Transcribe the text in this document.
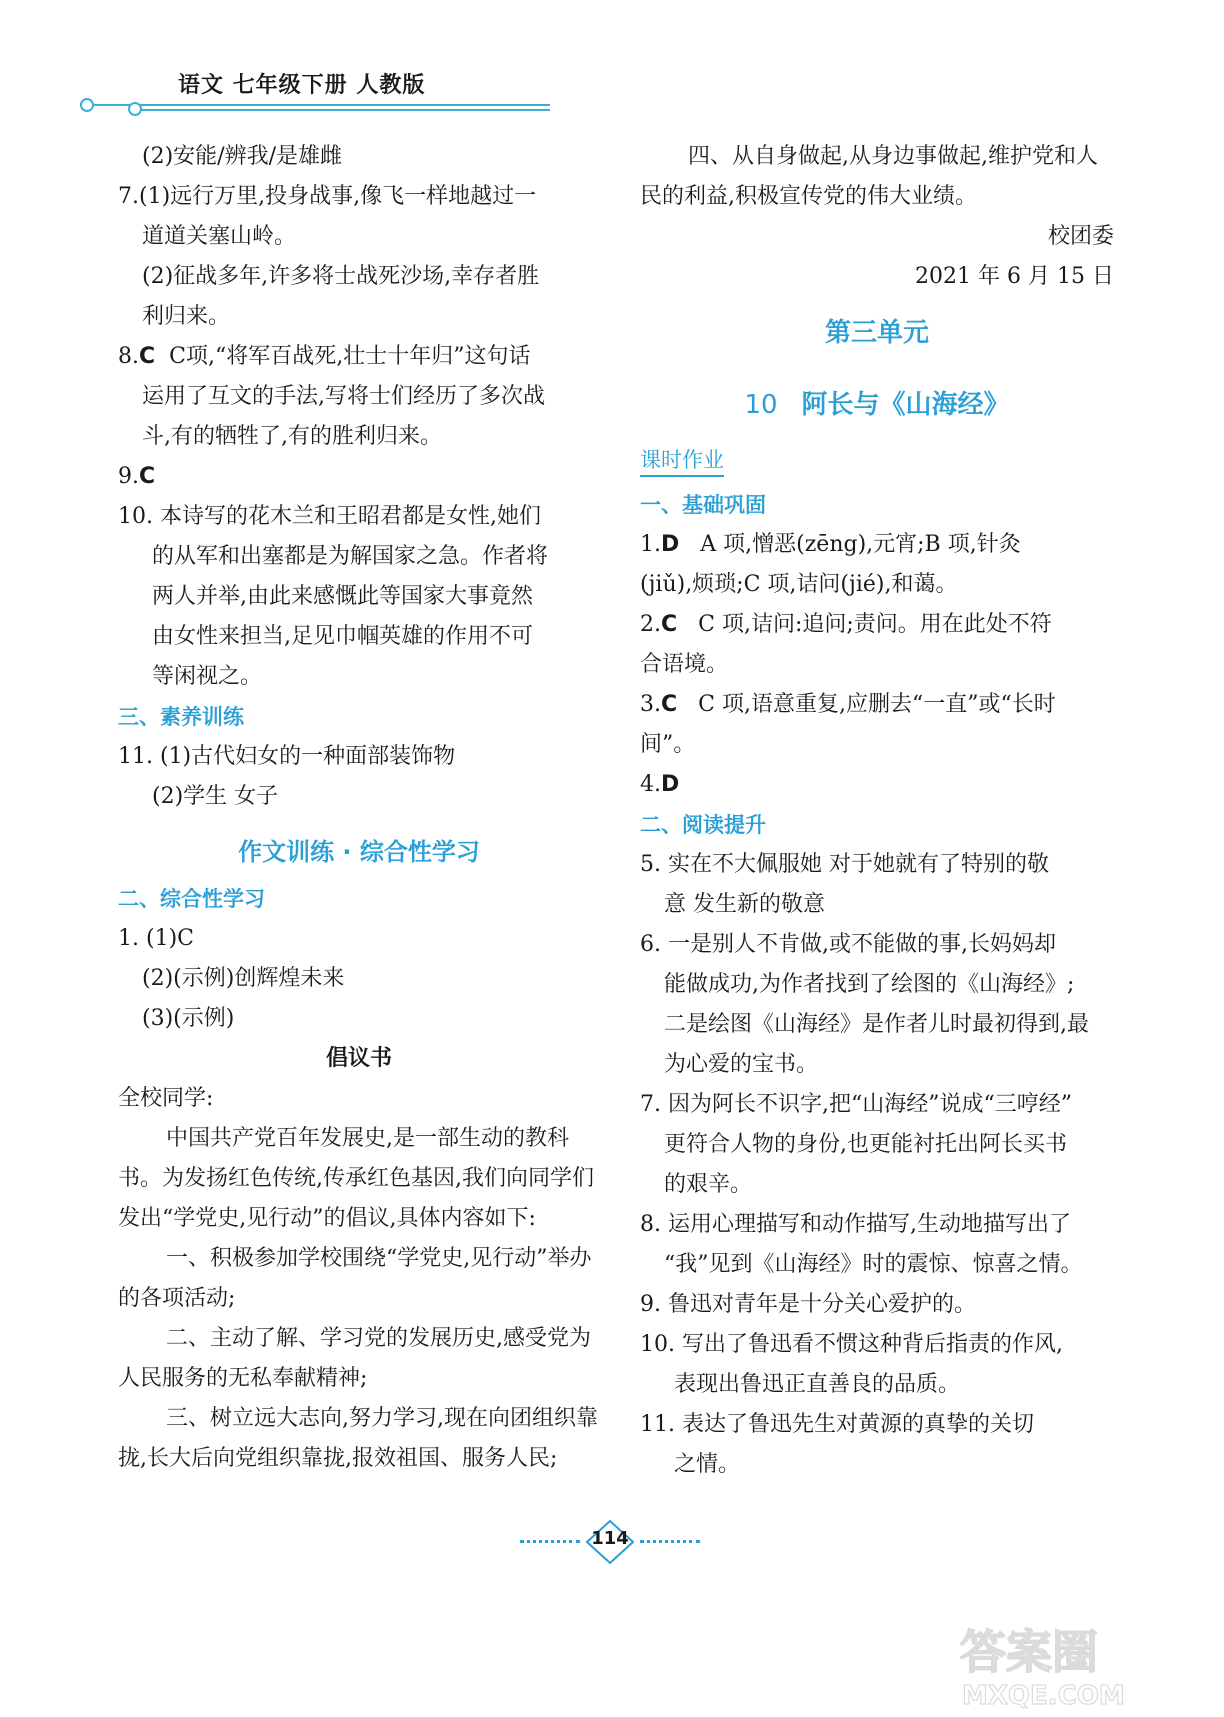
语文 七年级下册 人教版
(2)安能/辨我/是雄雌
7.(1)远行万里,投身战事,像飞一样地越过一
道道关塞山岭。
(2)征战多年,许多将士战死沙场,幸存者胜
利归来。
8.C C项,“将军百战死,壮士十年归”这句话
运用了互文的手法,写将士们经历了多次战
斗,有的牺牲了,有的胜利归来。
9.C
10. 本诗写的花木兰和王昭君都是女性,她们
的从军和出塞都是为解国家之急。作者将
两人并举,由此来感慨此等国家大事竟然
由女性来担当,足见巾帼英雄的作用不可
等闲视之。
三、素养训练
11. (1)古代妇女的一种面部装饰物
(2)学生 女子
作文训练 · 综合性学习
二、综合性学习
1. (1)C
(2)(示例)创辉煌未来
(3)(示例)
倡议书
全校同学:
中国共产党百年发展史,是一部生动的教科书。为发扬红色传统,传承红色基因,我们向同学们发出“学党史,见行动”的倡议,具体内容如下:
一、积极参加学校围绕“学党史,见行动”举办的各项活动;
二、主动了解、学习党的发展历史,感受党为人民服务的无私奉献精神;
三、树立远大志向,努力学习,现在向团组织靠拢,长大后向党组织靠拢,报效祖国、服务人民;
四、从自身做起,从身边事做起,维护党和人民的利益,积极宣传党的伟大业绩。
校团委
2021 年 6 月 15 日
第三单元
10 阿长与《山海经》
课时作业
一、基础巩固
1.D A 项,憎恶(zēng),元宵;B 项,针灸
(jiǔ),烦琐;C 项,诘问(jié),和蔼。
2.C C 项,诘问:追问;责问。用在此处不符
合语境。
3.C C 项,语意重复,应删去“一直”或“长时
间”。
4.D
二、阅读提升
5. 实在不大佩服她 对于她就有了特别的敬
意 发生新的敬意
6. 一是别人不肯做,或不能做的事,长妈妈却
能做成功,为作者找到了绘图的《山海经》;
二是绘图《山海经》是作者儿时最初得到,最
为心爱的宝书。
7. 因为阿长不识字,把“山海经”说成“三哼经”
更符合人物的身份,也更能衬托出阿长买书
的艰辛。
8. 运用心理描写和动作描写,生动地描写出了
“我”见到《山海经》时的震惊、惊喜之情。
9. 鲁迅对青年是十分关心爱护的。
10. 写出了鲁迅看不惯这种背后指责的作风,
表现出鲁迅正直善良的品质。
11. 表达了鲁迅先生对黄源的真挚的关切
之情。
114
答案圈
MXQE.COM
